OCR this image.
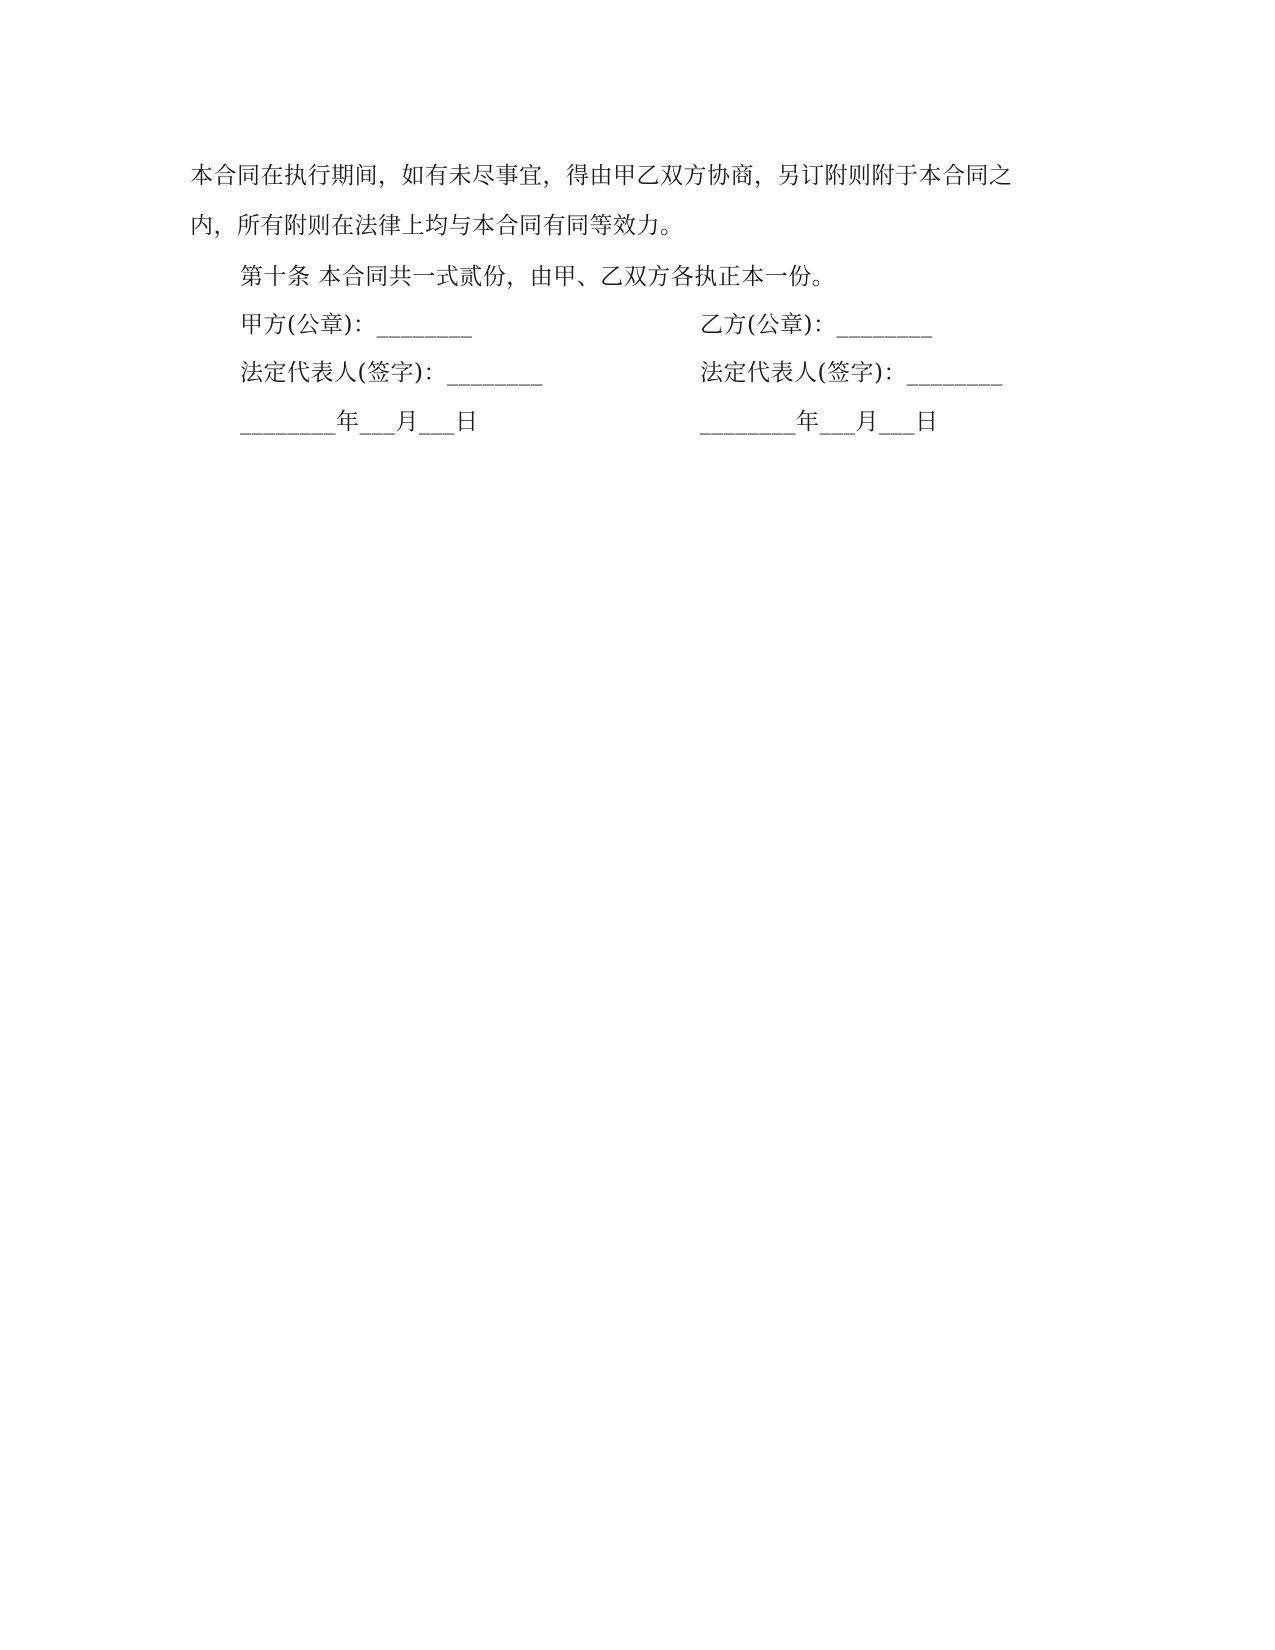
本合同在执行期间，如有未尽事宜，得由甲乙双方协商，另订附则附于本合同之
内，所有附则在法律上均与本合同有同等效力。
第十条 本合同共一式贰份，由甲、乙双方各执正本一份。
甲方(公章)：________	乙方(公章)：________
法定代表人(签字)：________	法定代表人(签字)：________
________年___月___日	________年___月___日
